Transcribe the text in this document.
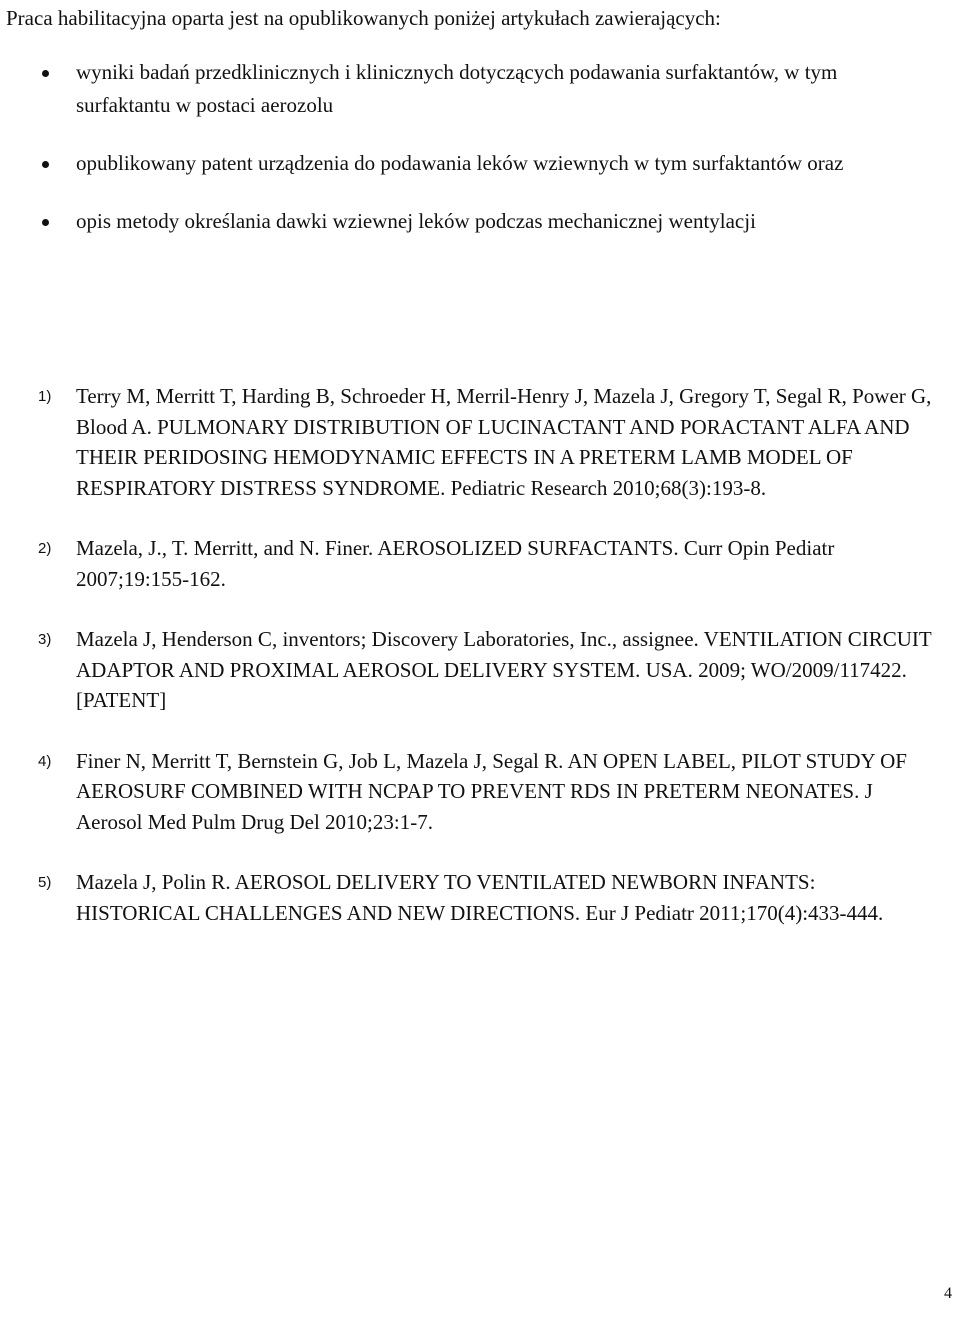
Praca habilitacyjna oparta jest na opublikowanych poniżej artykułach zawierających:
wyniki badań przedklinicznych i klinicznych dotyczących podawania surfaktantów, w tym surfaktantu w postaci aerozolu
opublikowany patent urządzenia do podawania leków wziewnych w tym surfaktantów oraz
opis metody określania dawki wziewnej leków podczas mechanicznej wentylacji
1) Terry M, Merritt T, Harding B, Schroeder H, Merril-Henry J, Mazela J, Gregory T, Segal R, Power G, Blood A. PULMONARY DISTRIBUTION OF LUCINACTANT AND PORACTANT ALFA AND THEIR PERIDOSING HEMODYNAMIC EFFECTS IN A PRETERM LAMB MODEL OF RESPIRATORY DISTRESS SYNDROME. Pediatric Research 2010;68(3):193-8.
2) Mazela, J., T. Merritt, and N. Finer. AEROSOLIZED SURFACTANTS. Curr Opin Pediatr 2007;19:155-162.
3) Mazela J, Henderson C, inventors; Discovery Laboratories, Inc., assignee. VENTILATION CIRCUIT ADAPTOR AND PROXIMAL AEROSOL DELIVERY SYSTEM. USA. 2009; WO/2009/117422. [PATENT]
4) Finer N, Merritt T, Bernstein G, Job L, Mazela J, Segal R. AN OPEN LABEL, PILOT STUDY OF AEROSURF COMBINED WITH NCPAP TO PREVENT RDS IN PRETERM NEONATES. J Aerosol Med Pulm Drug Del 2010;23:1-7.
5) Mazela J, Polin R. AEROSOL DELIVERY TO VENTILATED NEWBORN INFANTS: HISTORICAL CHALLENGES AND NEW DIRECTIONS. Eur J Pediatr 2011;170(4):433-444.
4
